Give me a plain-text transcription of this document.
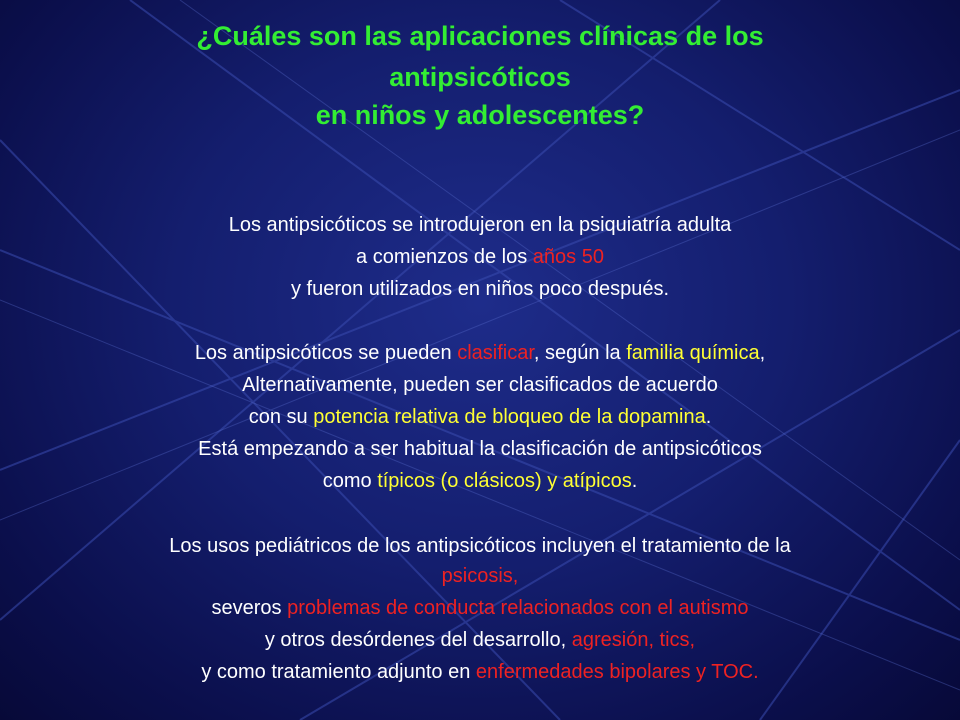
¿Cuáles son las aplicaciones clínicas de los
antipsicóticos
en niños y adolescentes?

Los antipsicóticos se introdujeron en la psiquiatría adulta

a comienzos de los años 50

y fueron utilizados en niños poco después.

Los antipsicóticos se pueden clasificar, según la familia química,

Alternativamente, pueden ser clasificados de acuerdo

con su potencia relativa de bloqueo de la dopamina.

Está empezando a ser habitual la clasificación de antipsicóticos

como típicos (o clásicos) y atípicos.

Los usos pediátricos de los antipsicóticos incluyen el tratamiento de la

psicosis,

severos problemas de conducta relacionados con el autismo

y otros desórdenes del desarrollo, agresión, tics,

y como tratamiento adjunto en enfermedades bipolares y TOC.
